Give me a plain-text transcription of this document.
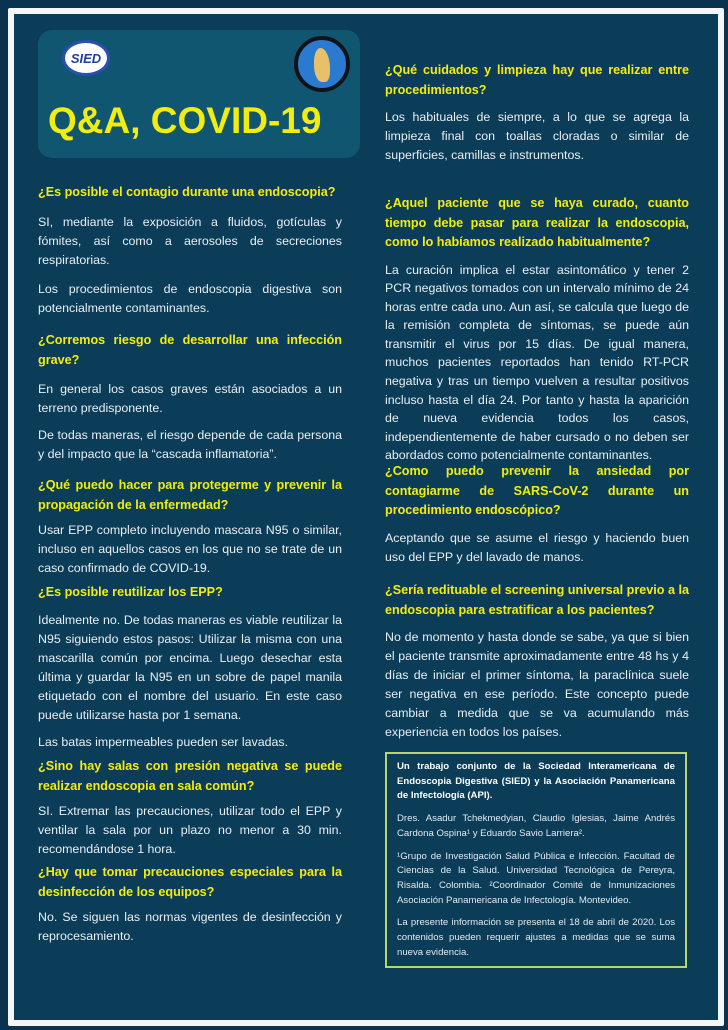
SIED
Q&A, COVID-19
¿Es posible el contagio durante una endoscopia?

SI, mediante la exposición a fluidos, gotículas y fómites, así como a aerosoles de secreciones respiratorias.

Los procedimientos de endoscopia digestiva son potencialmente contaminantes.

¿Corremos riesgo de desarrollar una infección grave?

En general los casos graves están asociados a un terreno predisponente.

De todas maneras, el riesgo depende de cada persona y del impacto que la “cascada inflamatoria”.

¿Qué puedo hacer para protegerme y prevenir la propagación de la enfermedad?

Usar EPP completo incluyendo mascara N95 o similar, incluso en aquellos casos en los que no se trate de un caso confirmado de COVID-19.

¿Es posible reutilizar los EPP?

Idealmente no. De todas maneras es viable reutilizar la N95 siguiendo estos pasos: Utilizar la misma con una mascarilla común por encima. Luego desechar esta última y guardar la N95 en un sobre de papel manila etiquetado con el nombre del usuario. En este caso puede utilizarse hasta por 1 semana.

Las batas impermeables pueden ser lavadas.

¿Sino hay salas con presión negativa se puede realizar endoscopia en sala común?

SI. Extremar las precauciones, utilizar todo el EPP y ventilar la sala por un plazo no menor a 30 min. recomendándose 1 hora.

¿Hay que tomar precauciones especiales para la desinfección de los equipos?

No. Se siguen las normas vigentes de desinfección y reprocesamiento.

¿Qué cuidados y limpieza hay que realizar entre procedimientos?

Los habituales de siempre, a lo que se agrega la limpieza final con toallas cloradas o similar de superficies, camillas e instrumentos.

¿Aquel paciente que se haya curado, cuanto tiempo debe pasar para realizar la endoscopia, como lo habíamos realizado habitualmente?

La curación implica el estar asintomático y tener 2 PCR negativos tomados con un intervalo mínimo de 24 horas entre cada uno. Aun así, se calcula que luego de la remisión completa de síntomas, se puede aún transmitir el virus por 15 días. De igual manera, muchos pacientes reportados han tenido RT-PCR negativa y tras un tiempo vuelven a resultar positivos incluso hasta el día 24. Por tanto y hasta la aparición de nueva evidencia todos los casos, independientemente de haber cursado o no deben ser abordados como potencialmente contaminantes.

¿Como puedo prevenir la ansiedad por contagiarme de SARS-CoV-2 durante un procedimiento endoscópico?

Aceptando que se asume el riesgo y haciendo buen uso del EPP y del lavado de manos.

¿Sería redituable el screening universal previo a la endoscopia para estratificar a los pacientes?

No de momento y hasta donde se sabe, ya que si bien el paciente transmite aproximadamente entre 48 hs y 4 días de iniciar el primer síntoma, la paraclínica suele ser negativa en ese período. Este concepto puede cambiar a medida que se va acumulando más experiencia en todos los países.

Un trabajo conjunto de la Sociedad Interamericana de Endoscopia Digestiva (SIED) y la Asociación Panamericana de Infectología (API).

Dres. Asadur Tchekmedyian, Claudio Iglesias, Jaime Andrés Cardona Ospina¹ y Eduardo Savio Larriera².

¹Grupo de Investigación Salud Pública e Infección. Facultad de Ciencias de la Salud. Universidad Tecnológica de Pereyra, Risalda. Colombia. ²Coordinador Comité de Inmunizaciones Asociación Panamericana de Infectología. Montevideo.

La presente información se presenta el 18 de abril de 2020. Los contenidos pueden requerir ajustes a medidas que se suma nueva evidencia.
